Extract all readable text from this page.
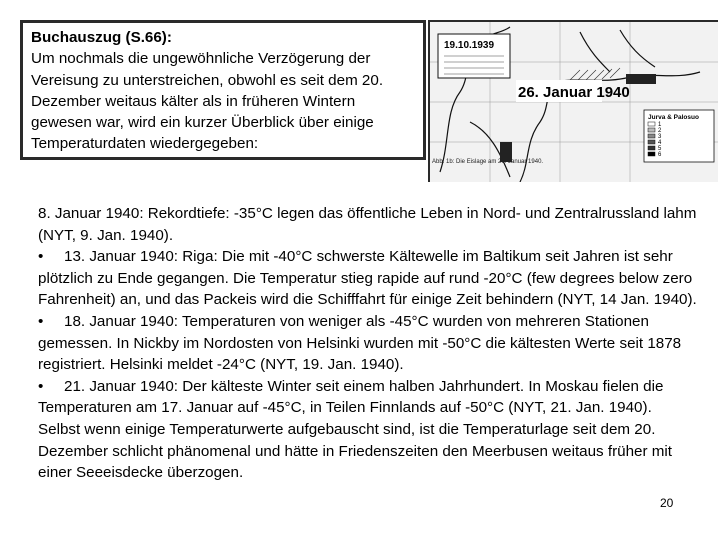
Buchauszug (S.66):
Um nochmals die ungewöhnliche Verzögerung der Vereisung zu unterstreichen, obwohl es seit dem 20. Dezember weitaus kälter als in früheren Wintern gewesen war, wird ein kurzer Überblick über einige Temperaturdaten wiedergegeben:
19.10.1939
26. Januar 1940
Jurva & Palosuo
1
2
3
4
5
6
Abb. 1b: Die Eislage am 26. Januar 1940.

8. Januar 1940: Rekordtiefe: -35°C legen das öffentliche Leben in Nord- und Zentralrussland lahm (NYT, 9. Jan. 1940).

• 13. Januar 1940: Riga: Die mit -40°C schwerste Kältewelle im Baltikum seit Jahren ist sehr plötzlich zu Ende gegangen. Die Temperatur stieg rapide auf rund -20°C (few degrees below zero Fahrenheit) an, und das Packeis wird die Schifffahrt für einige Zeit behindern (NYT, 14 Jan. 1940).

• 18. Januar 1940: Temperaturen von weniger als -45°C wurden von mehreren Stationen gemessen. In Nickby im Nordosten von Helsinki wurden mit -50°C die kältesten Werte seit 1878 registriert. Helsinki meldet -24°C (NYT, 19. Jan. 1940).

• 21. Januar 1940: Der kälteste Winter seit einem halben Jahrhundert. In Moskau fielen die Temperaturen am 17. Januar auf -45°C, in Teilen Finnlands auf -50°C (NYT, 21. Jan. 1940).

Selbst wenn einige Temperaturwerte aufgebauscht sind, ist die Temperaturlage seit dem 20. Dezember schlicht phänomenal und hätte in Friedenszeiten den Meerbusen weitaus früher mit einer Seeeisdecke überzogen.

20
